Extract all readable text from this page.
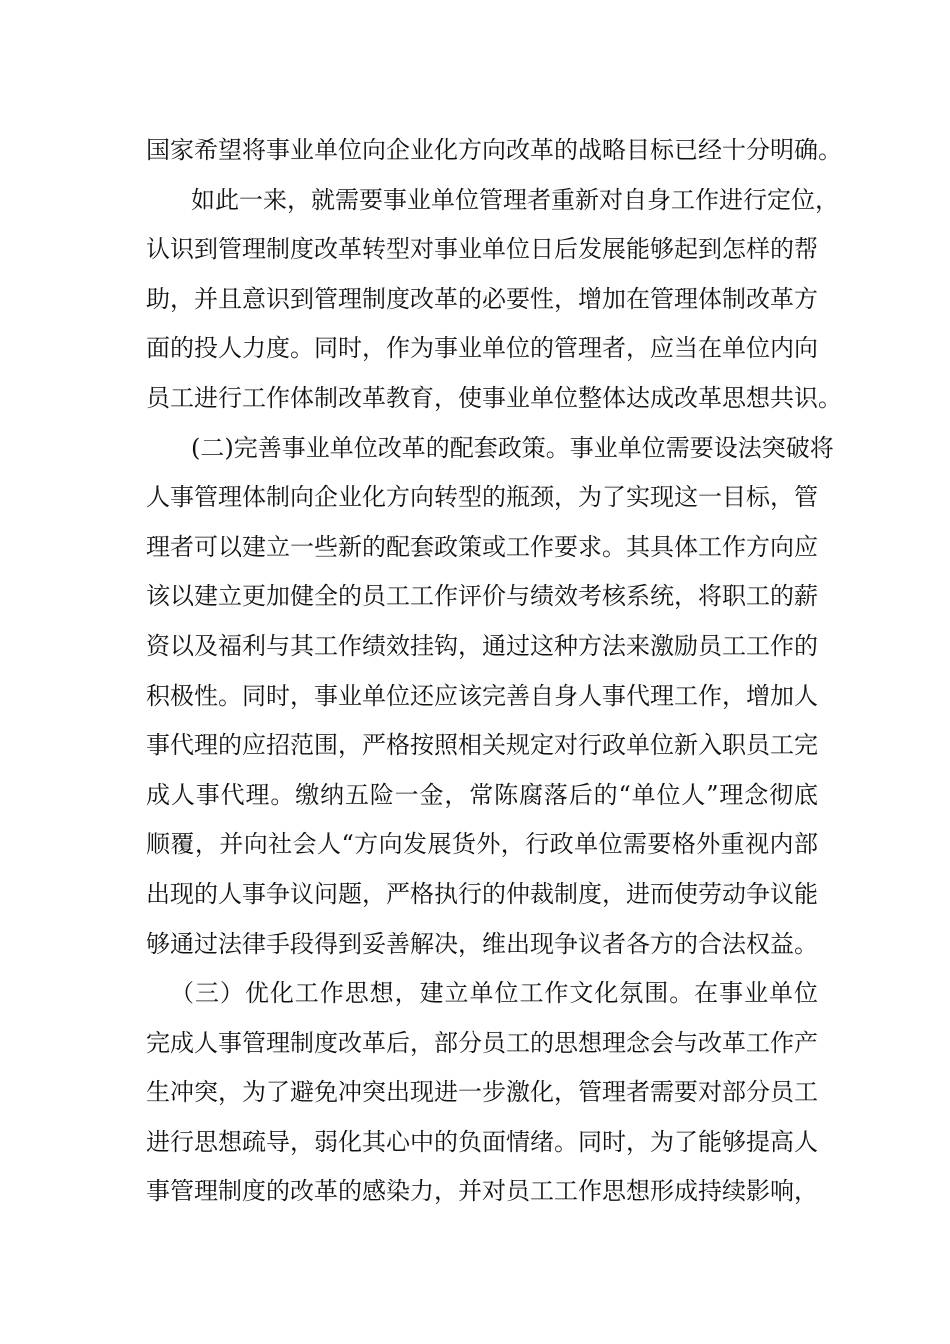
国家希望将事业单位向企业化方向改革的战略目标已经十分明确。
如此一来，就需要事业单位管理者重新对自身工作进行定位，
认识到管理制度改革转型对事业单位日后发展能够起到怎样的帮
助，并且意识到管理制度改革的必要性，增加在管理体制改革方
面的投人力度。同时，作为事业单位的管理者，应当在单位内向
员工进行工作体制改革教育，使事业单位整体达成改革思想共识。
(二)完善事业单位改革的配套政策。事业单位需要设法突破将
人事管理体制向企业化方向转型的瓶颈，为了实现这一目标，管
理者可以建立一些新的配套政策或工作要求。其具体工作方向应
该以建立更加健全的员工工作评价与绩效考核系统，将职工的薪
资以及福利与其工作绩效挂钩，通过这种方法来激励员工工作的
积极性。同时，事业单位还应该完善自身人事代理工作，增加人
事代理的应招范围，严格按照相关规定对行政单位新入职员工完
成人事代理。缴纳五险一金，常陈腐落后的“单位人”理念彻底
顺覆，并向社会人“方向发展货外，行政单位需要格外重视内部
出现的人事争议问题，严格执行的仲裁制度，进而使劳动争议能
够通过法律手段得到妥善解决，维出现争议者各方的合法权益。
（三）优化工作思想，建立单位工作文化氛围。在事业单位
完成人事管理制度改革后，部分员工的思想理念会与改革工作产
生冲突，为了避免冲突出现进一步激化，管理者需要对部分员工
进行思想疏导，弱化其心中的负面情绪。同时，为了能够提高人
事管理制度的改革的感染力，并对员工工作思想形成持续影响，
